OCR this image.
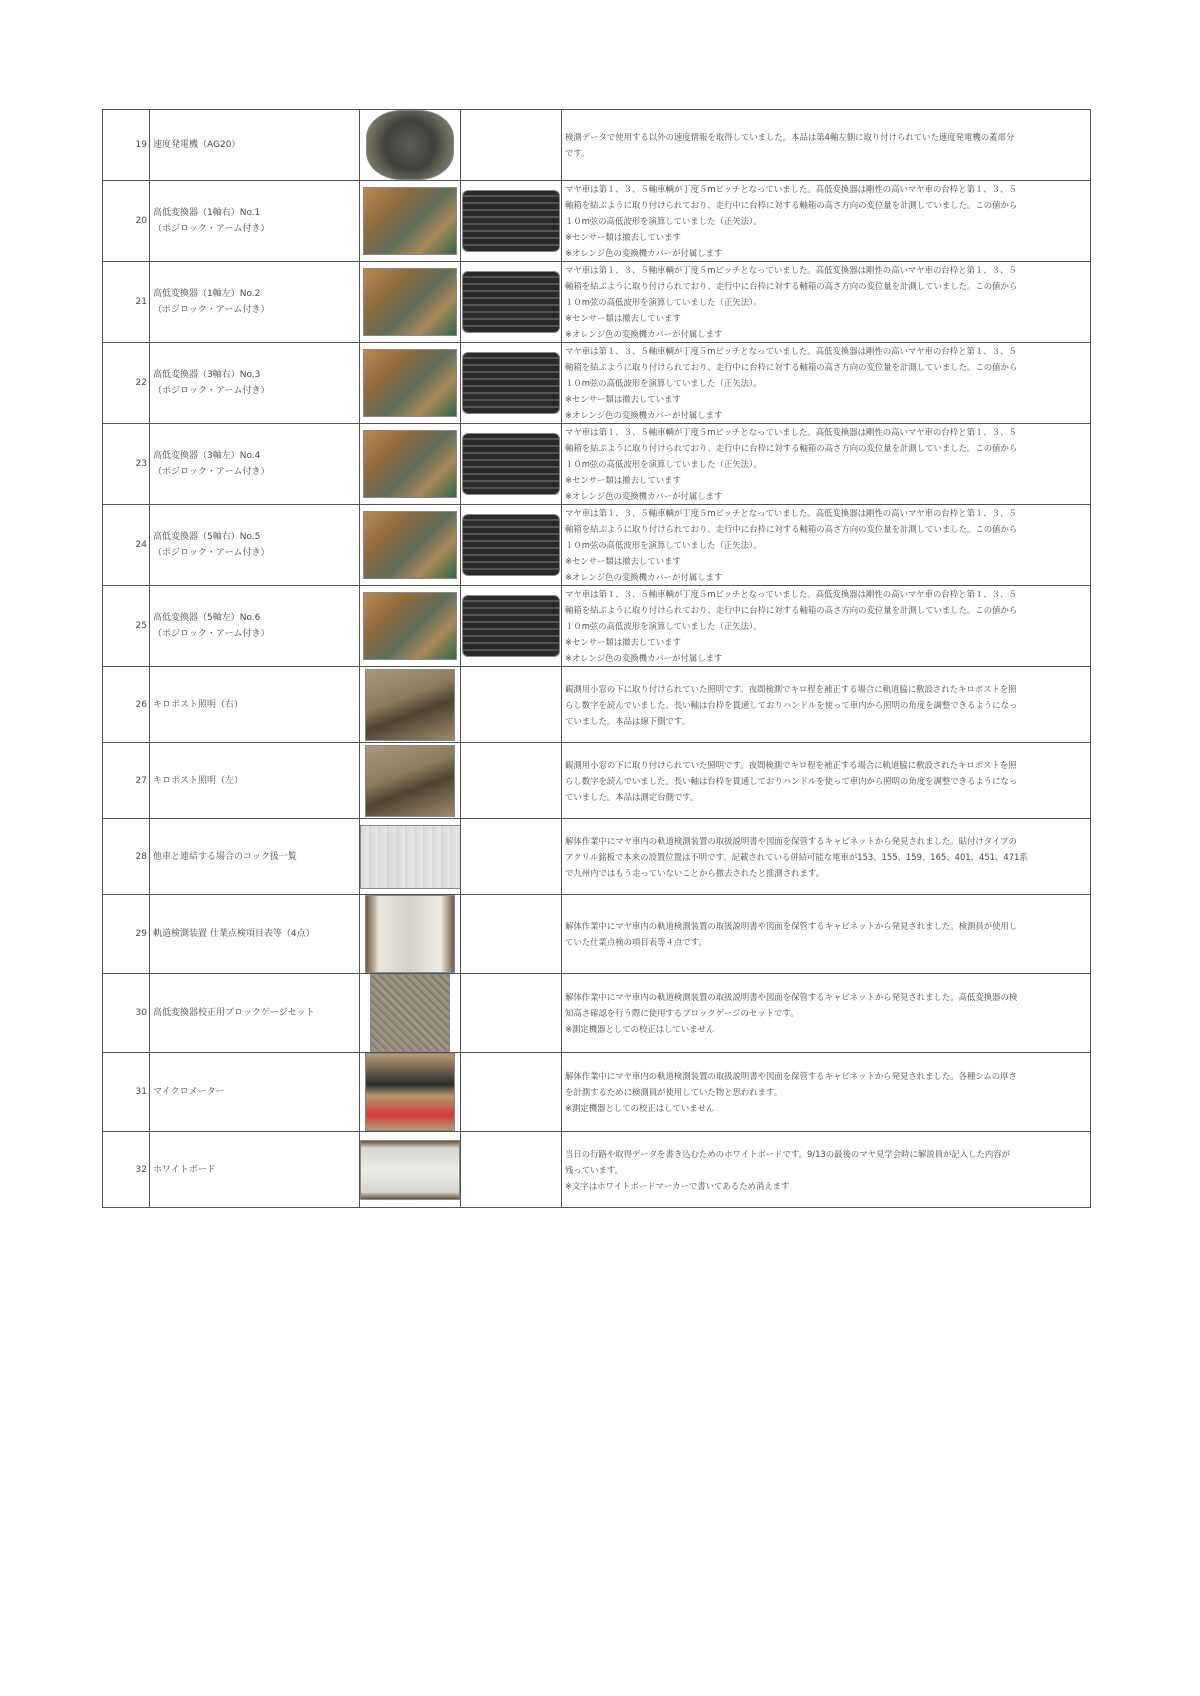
19	速度発電機（AG20）			検測データで使用する以外の速度情報を取得していました。本品は第4軸左側に取り付けられていた速度発電機の蓋部分
です。

20	高低変換器（1軸右）No.1
（ポジロック・アーム付き）			マヤ車は第１、３、５軸車輌が丁度５mピッチとなっていました。高低変換器は剛性の高いマヤ車の台枠と第１、３、５
軸箱を結ぶように取り付けられており、走行中に台枠に対する軸箱の高さ方向の変位量を計測していました。この値から
１０m弦の高低波形を演算していました（正矢法）。
※センサー類は撤去しています
※オレンジ色の変換機カバーが付属します

21	高低変換器（1軸左）No.2
（ポジロック・アーム付き）			マヤ車は第１、３、５軸車輌が丁度５mピッチとなっていました。高低変換器は剛性の高いマヤ車の台枠と第１、３、５
軸箱を結ぶように取り付けられており、走行中に台枠に対する軸箱の高さ方向の変位量を計測していました。この値から
１０m弦の高低波形を演算していました（正矢法）。
※センサー類は撤去しています
※オレンジ色の変換機カバーが付属します

22	高低変換器（3軸右）No.3
（ポジロック・アーム付き）			マヤ車は第１、３、５軸車輌が丁度５mピッチとなっていました。高低変換器は剛性の高いマヤ車の台枠と第１、３、５
軸箱を結ぶように取り付けられており、走行中に台枠に対する軸箱の高さ方向の変位量を計測していました。この値から
１０m弦の高低波形を演算していました（正矢法）。
※センサー類は撤去しています
※オレンジ色の変換機カバーが付属します

23	高低変換器（3軸左）No.4
（ポジロック・アーム付き）			マヤ車は第１、３、５軸車輌が丁度５mピッチとなっていました。高低変換器は剛性の高いマヤ車の台枠と第１、３、５
軸箱を結ぶように取り付けられており、走行中に台枠に対する軸箱の高さ方向の変位量を計測していました。この値から
１０m弦の高低波形を演算していました（正矢法）。
※センサー類は撤去しています
※オレンジ色の変換機カバーが付属します

24	高低変換器（5軸右）No.5
（ポジロック・アーム付き）			マヤ車は第１、３、５軸車輌が丁度５mピッチとなっていました。高低変換器は剛性の高いマヤ車の台枠と第１、３、５
軸箱を結ぶように取り付けられており、走行中に台枠に対する軸箱の高さ方向の変位量を計測していました。この値から
１０m弦の高低波形を演算していました（正矢法）。
※センサー類は撤去しています
※オレンジ色の変換機カバーが付属します

25	高低変換器（5軸左）No.6
（ポジロック・アーム付き）			マヤ車は第１、３、５軸車輌が丁度５mピッチとなっていました。高低変換器は剛性の高いマヤ車の台枠と第１、３、５
軸箱を結ぶように取り付けられており、走行中に台枠に対する軸箱の高さ方向の変位量を計測していました。この値から
１０m弦の高低波形を演算していました（正矢法）。
※センサー類は撤去しています
※オレンジ色の変換機カバーが付属します

26	キロポスト照明（右）			観測用小窓の下に取り付けられていた照明です。夜間検測でキロ程を補正する場合に軌道脇に敷設されたキロポストを照
らし数字を読んでいました。長い軸は台枠を貫通しておりハンドルを使って車内から照明の角度を調整できるようになっ
ていました。本品は線下側です。

27	キロポスト照明（左）			観測用小窓の下に取り付けられていた照明です。夜間検測でキロ程を補正する場合に軌道脇に敷設されたキロポストを照
らし数字を読んでいました。長い軸は台枠を貫通しておりハンドルを使って車内から照明の角度を調整できるようになっ
ていました。本品は測定台側です。

28	他車と連結する場合のコック扱一覧			解体作業中にマヤ車内の軌道検測装置の取扱説明書や図面を保管するキャビネットから発見されました。貼付けタイプの
アクリル銘板で本来の設置位置は不明です。記載されている併結可能な電車が153、155、159、165、401、451、471系
で九州内ではもう走っていないことから撤去されたと推測されます。

29	軌道検測装置 仕業点検項目表等（4点）			解体作業中にマヤ車内の軌道検測装置の取扱説明書や図面を保管するキャビネットから発見されました。検測員が使用し
ていた仕業点検の項目表等４点です。

30	高低変換器校正用ブロックゲージセット			解体作業中にマヤ車内の軌道検測装置の取扱説明書や図面を保管するキャビネットから発見されました。高低変換器の検
知高さ確認を行う際に使用するブロックゲージのセットです。
※測定機器としての校正はしていません

31	マイクロメーター			解体作業中にマヤ車内の軌道検測装置の取扱説明書や図面を保管するキャビネットから発見されました。各種シムの厚さ
を計測するために検測員が使用していた物と思われます。
※測定機器としての校正はしていません

32	ホワイトボード			当日の行路や取得データを書き込むためのホワイトボードです。9/13の最後のマヤ見学会時に解説員が記入した内容が
残っています。
※文字はホワイトボードマーカーで書いてあるため消えます
